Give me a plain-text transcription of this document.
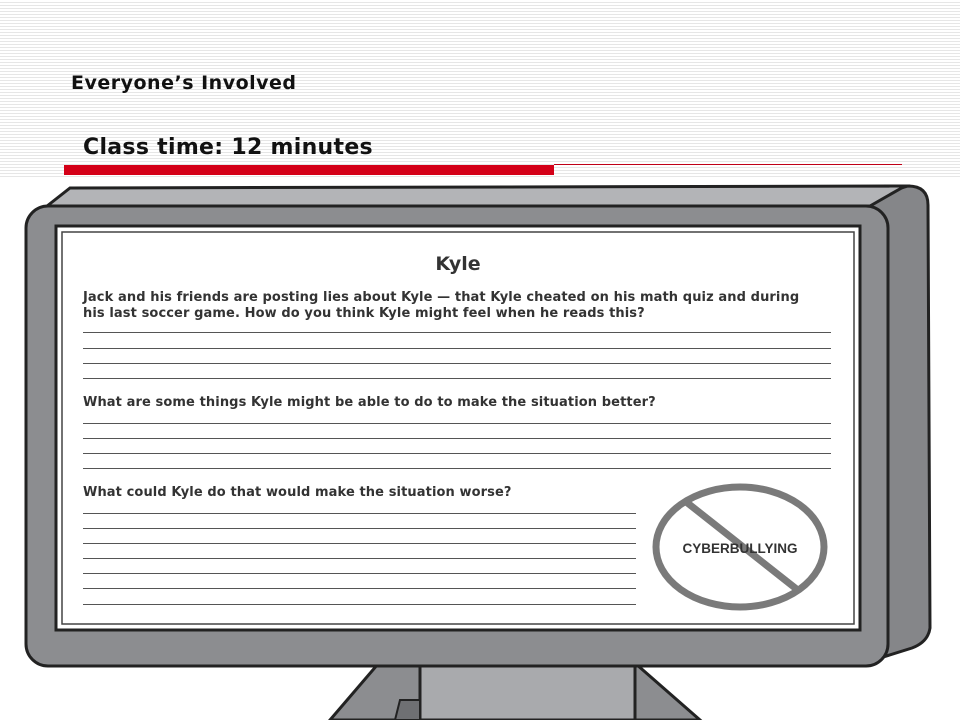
Everyone’s Involved
Class time: 12 minutes
Kyle
Jack and his friends are posting lies about Kyle — that Kyle cheated on his math quiz and during his last soccer game. How do you think Kyle might feel when he reads this?
What are some things Kyle might be able to do to make the situation better?
What could Kyle do that would make the situation worse?
CYBERBULLYING
